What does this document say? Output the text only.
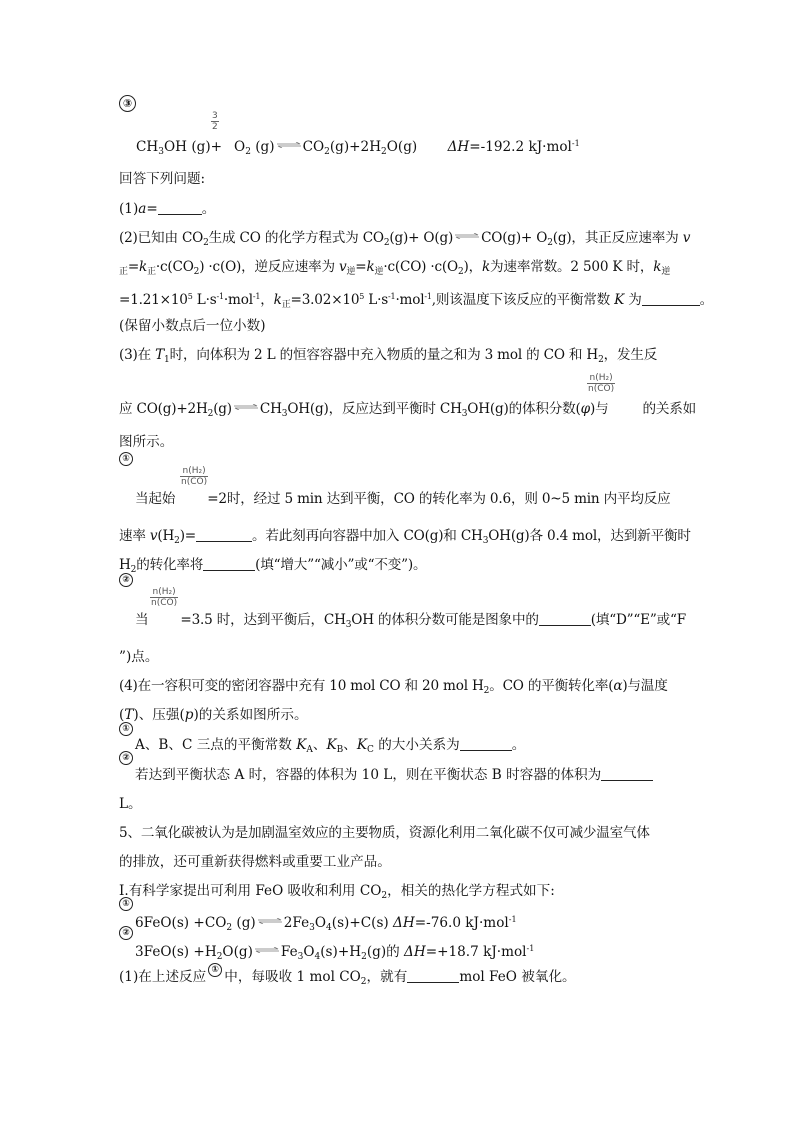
③
$\frac{3}{2}$
$CH_3OH$ $(g)+ O_2$ $(g)\rightleftharpoons CO_2(g)+2H_2O(g)$ ΔH=-192.2 kJ·mol$^{-1}$
回答下列问题:
(1)a=	。
(2)已知由 $CO_2$生成 CO 的化学方程式为 $CO_2(g)+$ O(g)⇌CO(g)+ $O_2(g)$，其正反应速率为 v
$_正=k_正\cdot c(CO_2) \cdot c(O)$，逆反应速率为 $v_逆=k_逆\cdot c(CO) \cdot c(O_2)$，k为速率常数。2 500 K 时，$k_逆$
$=1.21\times 10^5$ $L\cdot s^{-1}\cdot mol^{-1}$，$k_正=3.02\times 10^5$ $L\cdot s^{-1}\cdot mol^{-1}$,则该温度下该反应的平衡常数 K 为	。
(保留小数点后一位小数)
(3)在 $T_1$时，向体积为 2 L 的恒容容器中充入物质的量之和为 3 mol 的 CO 和 $H_2$，发生反
$\frac{\text{n(H₂)}}{n(CO)}$
应 $CO(g)+2H_2(g)\rightleftharpoons CH_3OH(g)$，反应达到平衡时 $CH_3OH(g)$的体积分数(φ)与	的关系如
图所示。
①
$\frac{\text{n(H₂)}}{n(CO)}$
当起始 =2时，经过 5 min 达到平衡，CO 的转化率为 0.6，则 0~5 min 内平均反应
速率 $v(H_2)=$	。若此刻再向容器中加入 CO(g)和 $CH_3OH(g)$各 0.4 mol，达到新平衡时
$H_2$的转化率将	(填“增大”“减小”或“不变”)。
②
$\frac{\text{n(H₂)}}{n(CO)}$
当 =3.5 时，达到平衡后，$CH_3OH$ 的体积分数可能是图象中的	(填“D”“E”或“F
”)点。
(4)在一容积可变的密闭容器中充有 10 mol CO 和 20 mol $H_2$。CO 的平衡转化率(α)与温度
(T)、压强(p)的关系如图所示。
①
A、B、C 三点的平衡常数 $K_A$、$K_B$、$K_C$ 的大小关系为	。
②
若达到平衡状态 A 时，容器的体积为 10 L，则在平衡状态 B 时容器的体积为
L。
5、二氧化碳被认为是加剧温室效应的主要物质，资源化利用二氧化碳不仅可减少温室气体
的排放，还可重新获得燃料或重要工业产品。
Ⅰ.有科学家提出可利用 FeO 吸收和利用 $CO_2$，相关的热化学方程式如下:
①
$6FeO(s) +CO_2$ $(g)\rightleftharpoons 2Fe_3O_4(s)+C(s)$ ΔH=-76.0 kJ·mol$^{-1}$
②
$3FeO(s) +H_2O(g)\rightleftharpoons Fe_3O_4(s)+H_2(g)$的 ΔH=+18.7 kJ·mol$^{-1}$
(1)在上述反应 ① 中，每吸收 1 mol $CO_2$，就有	mol FeO 被氧化。
